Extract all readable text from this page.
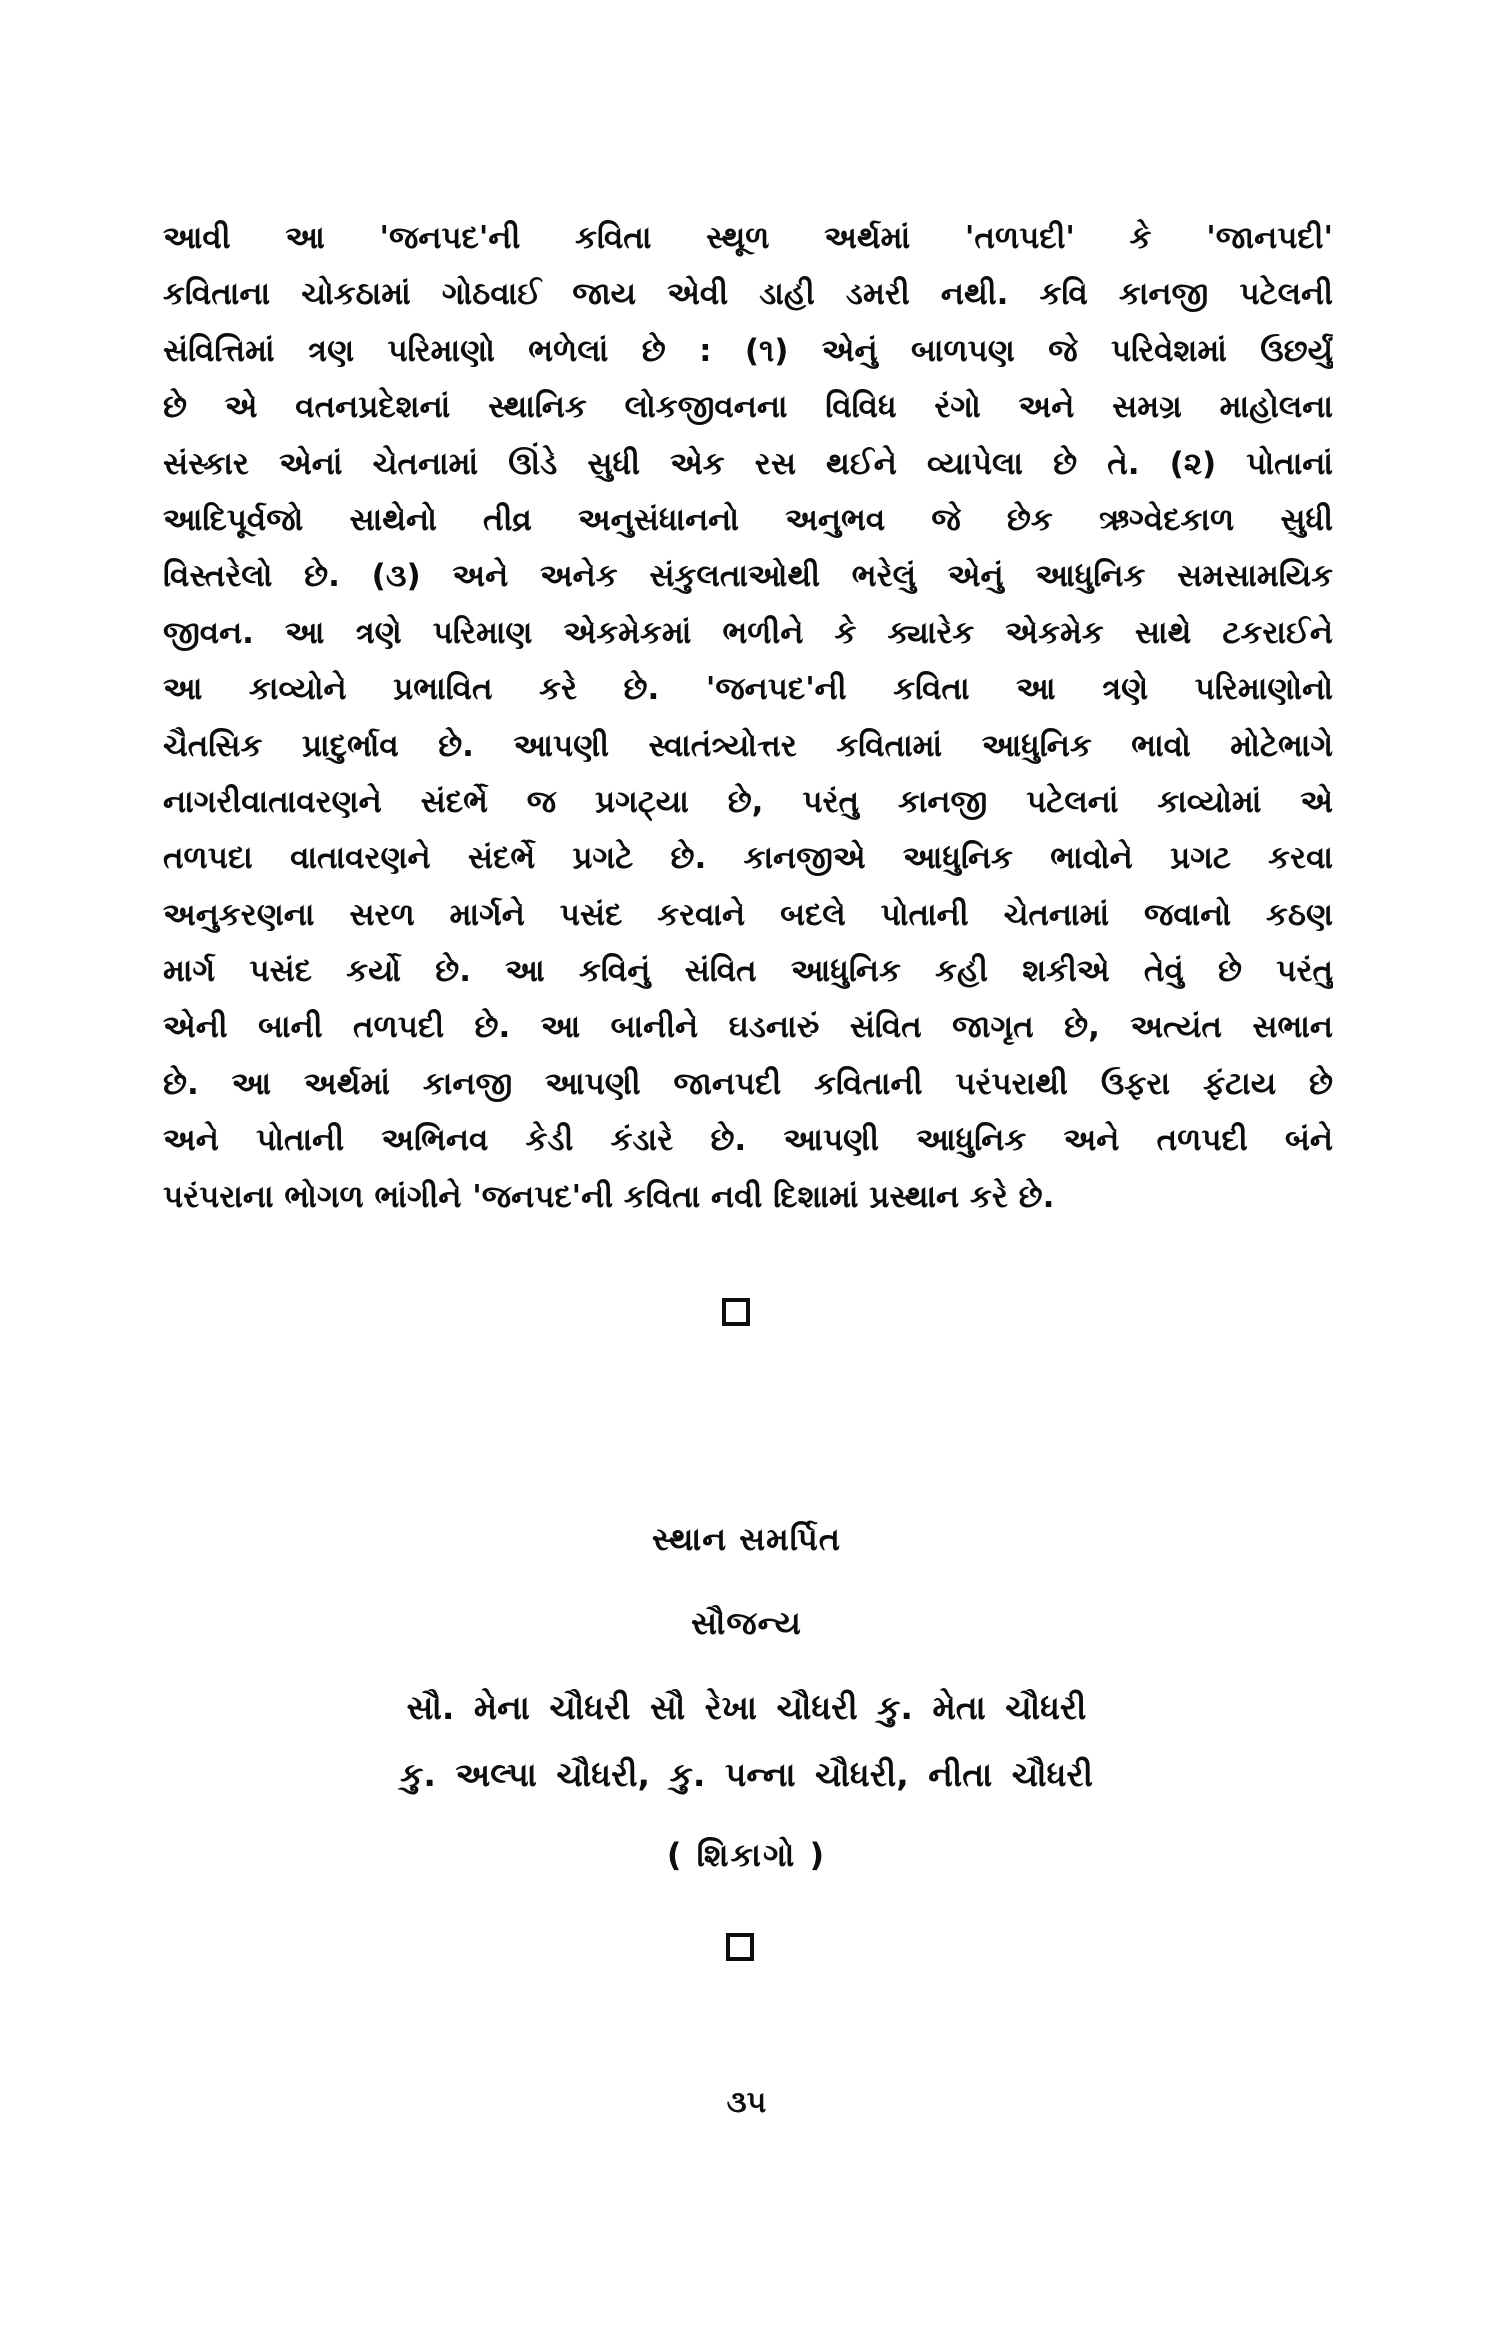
આવી આ 'જનપદ'ની કવિતા સ્થૂળ અર્થમાં 'તળપદી' કે 'જાનપદી'
કવિતાના ચોકઠામાં ગોઠવાઈ જાય એવી ડાહી ડમરી નથી. કવિ કાનજી પટેલની
સંવિત્તિમાં ત્રણ પરિમાણો ભળેલાં છે : (૧) એનું બાળપણ જે પરિવેશમાં ઉછર્યું
છે એ વતનપ્રદેશનાં સ્થાનિક લોકજીવનના વિવિધ રંગો અને સમગ્ર માહોલના
સંસ્કાર એનાં ચેતનામાં ઊંડે સુધી એક રસ થઈને વ્યાપેલા છે તે. (૨) પોતાનાં
આદિપૂર્વજો સાથેનો તીવ્ર અનુસંધાનનો અનુભવ જે છેક ઋગ્વેદકાળ સુધી
વિસ્તરેલો છે. (૩) અને અનેક સંકુલતાઓથી ભરેલું એનું આધુનિક સમસામયિક
જીવન. આ ત્રણે પરિમાણ એકમેકમાં ભળીને કે ક્યારેક એકમેક સાથે ટકરાઈને
આ કાવ્યોને પ્રભાવિત કરે છે. 'જનપદ'ની કવિતા આ ત્રણે પરિમાણોનો
ચૈતસિક પ્રાદુર્ભાવ છે. આપણી સ્વાતંત્ર્યોત્તર કવિતામાં આધુનિક ભાવો મોટેભાગે
નાગરીવાતાવરણને સંદર્ભે જ પ્રગટ્યા છે, પરંતુ કાનજી પટેલનાં કાવ્યોમાં એ
તળપદા વાતાવરણને સંદર્ભે પ્રગટે છે. કાનજીએ આધુનિક ભાવોને પ્રગટ કરવા
અનુકરણના સરળ માર્ગને પસંદ કરવાને બદલે પોતાની ચેતનામાં જવાનો કઠણ
માર્ગ પસંદ કર્યો છે. આ કવિનું સંવિત આધુનિક કહી શકીએ તેવું છે પરંતુ
એની બાની તળપદી છે. આ બાનીને ઘડનારું સંવિત જાગૃત છે, અત્યંત સભાન
છે. આ અર્થમાં કાનજી આપણી જાનપદી કવિતાની પરંપરાથી ઉફરા ફંટાય છે
અને પોતાની અભિનવ કેડી કંડારે છે. આપણી આધુનિક અને તળપદી બંને
પરંપરાના ભોગળ ભાંગીને 'જનપદ'ની કવિતા નવી દિશામાં પ્રસ્થાન કરે છે.
સ્થાન સમર્પિત
સૌજન્ય
સૌ. મેના ચૌધરી સૌ રેખા ચૌધરી કુ. મેતા ચૌધરી
કુ. અલ્પા ચૌધરી, કુ. પન્ના ચૌધરી, નીતા ચૌધરી
( શિકાગો )
૩૫
